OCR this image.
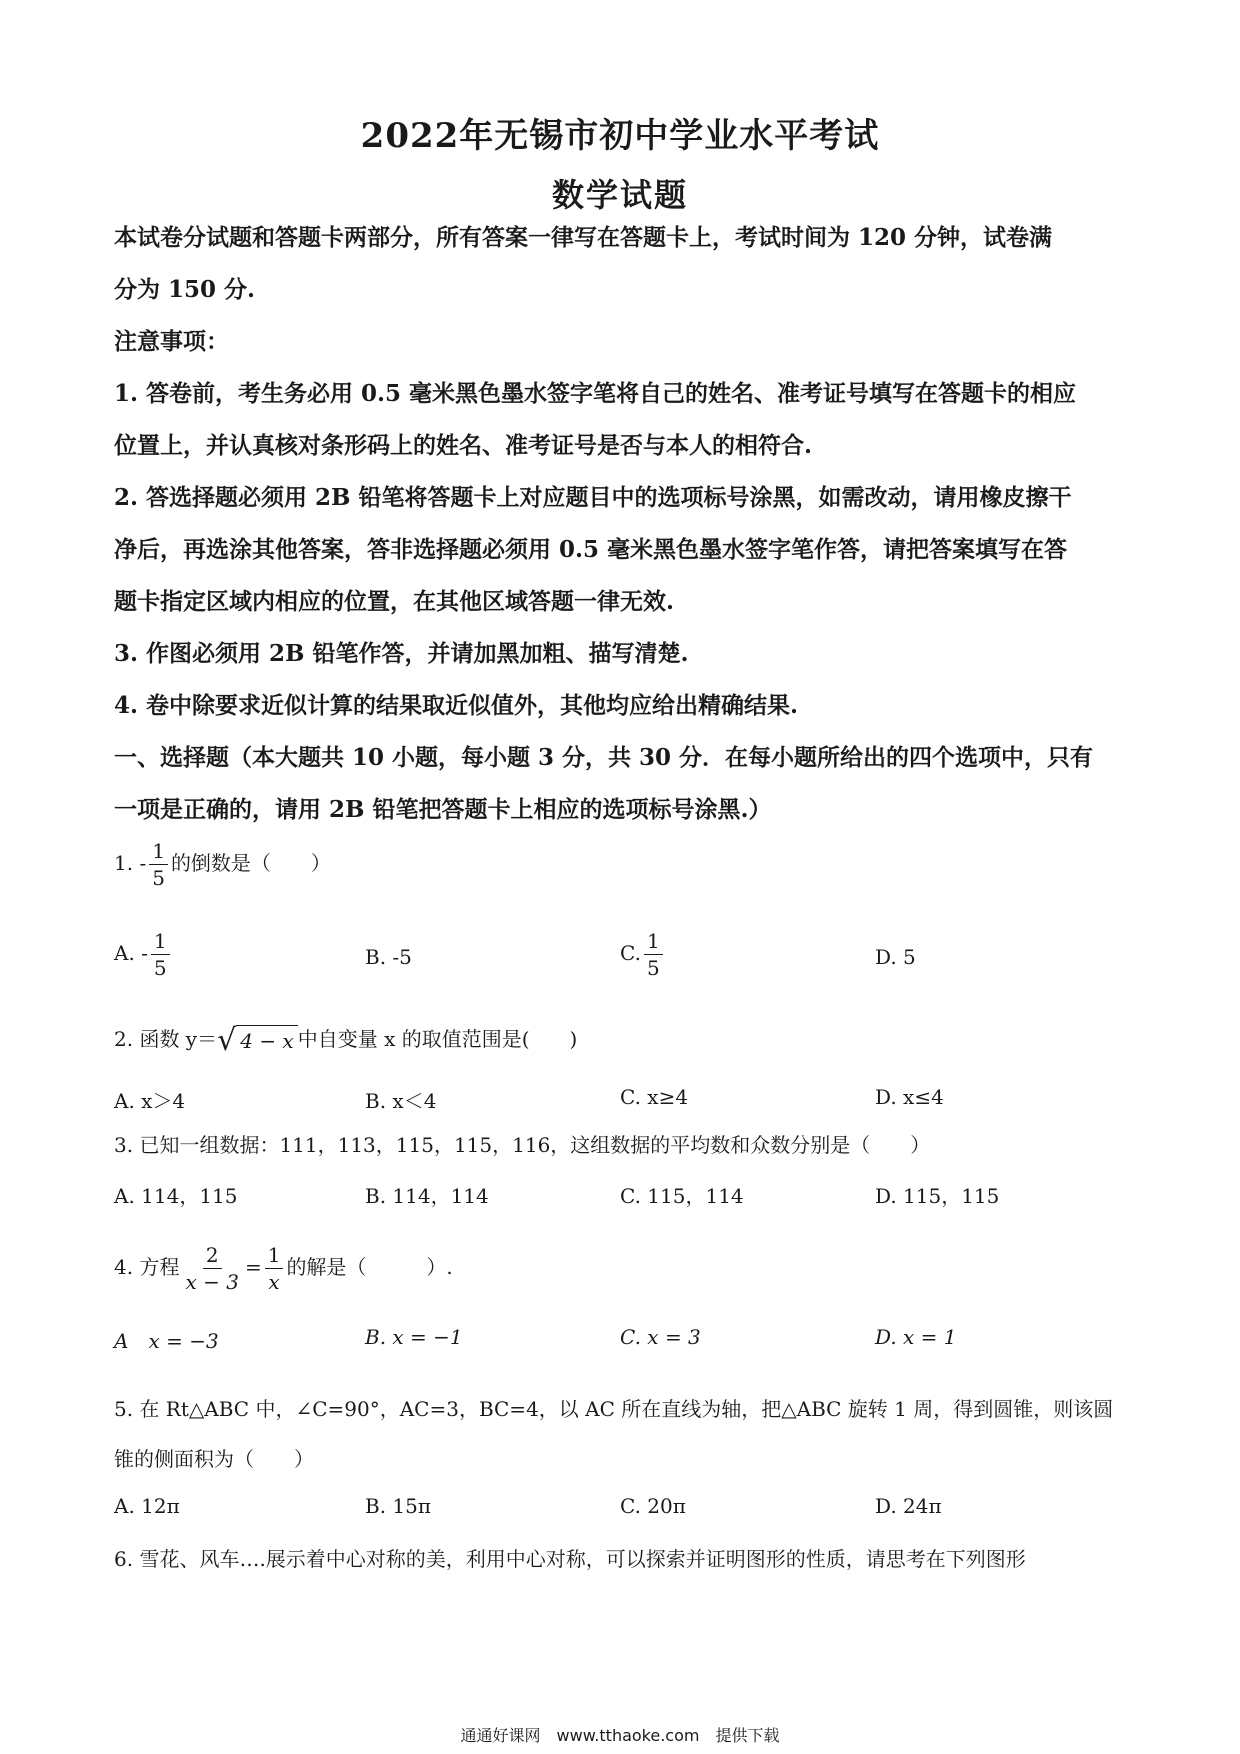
2022年无锡市初中学业水平考试
数学试题
本试卷分试题和答题卡两部分，所有答案一律写在答题卡上，考试时间为 120 分钟，试卷满
分为 150 分.
注意事项：
1. 答卷前，考生务必用 0.5 毫米黑色墨水签字笔将自己的姓名、准考证号填写在答题卡的相应
位置上，并认真核对条形码上的姓名、准考证号是否与本人的相符合.
2. 答选择题必须用 2B 铅笔将答题卡上对应题目中的选项标号涂黑，如需改动，请用橡皮擦干
净后，再选涂其他答案，答非选择题必须用 0.5 毫米黑色墨水签字笔作答，请把答案填写在答
题卡指定区域内相应的位置，在其他区域答题一律无效.
3. 作图必须用 2B 铅笔作答，并请加黑加粗、描写清楚.
4. 卷中除要求近似计算的结果取近似值外，其他均应给出精确结果.
一、选择题（本大题共 10 小题，每小题 3 分，共 30 分．在每小题所给出的四个选项中，只有
一项是正确的，请用 2B 铅笔把答题卡上相应的选项标号涂黑.）
1. - $\frac{1}{5}$ 的倒数是（　　）
A. - $\frac{1}{5}$	B. -5	C. $\frac{1}{5}$	D. 5
2. 函数 y＝ √ 4 − x 中自变量 x 的取值范围是(　　)
A. x＞4	B. x＜4	C. x≥4	D. x≤4
3. 已知一组数据：111，113，115，115，116，这组数据的平均数和众数分别是（　　）
A. 114，115	B. 114，114	C. 115，114	D. 115，115
4. 方程 $\frac{2}{x - 3} = \frac{1}{x}$ 的解是（　　　）.
A　x = −3	B. x = −1	C. x = 3	D. x = 1
5. 在 Rt△ABC 中，∠C=90°，AC=3，BC=4，以 AC 所在直线为轴，把△ABC 旋转 1 周，得到圆锥，则该圆
锥的侧面积为（　　）
A. 12π	B. 15π	C. 20π	D. 24π
6. 雪花、风车….展示着中心对称的美，利用中心对称，可以探索并证明图形的性质，请思考在下列图形
通通好课网　www.tthaoke.com　提供下载
